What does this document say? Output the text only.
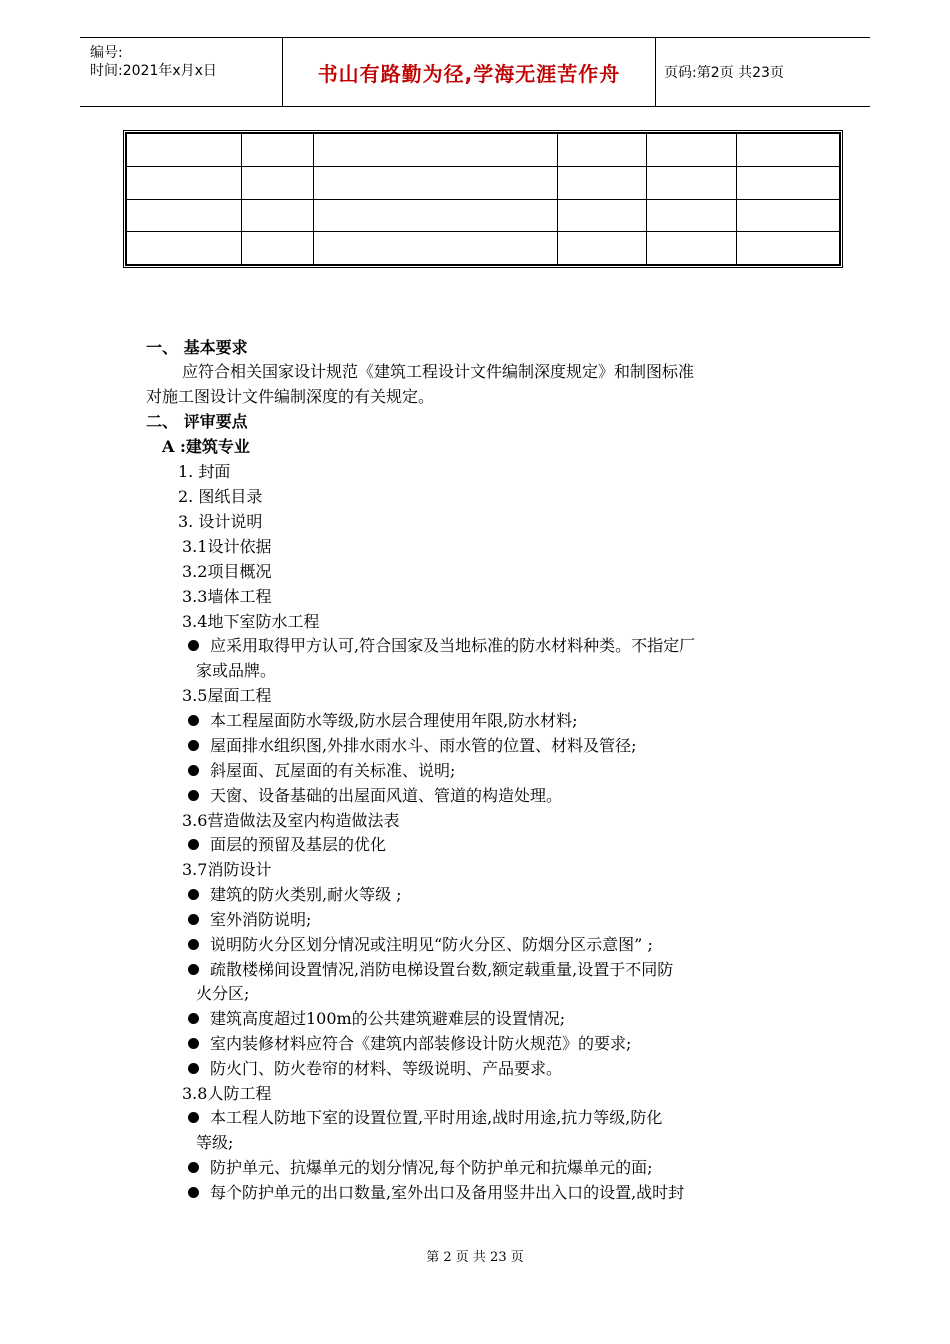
编号:
时间:2021年x月x日	书山有路勤为径,学海无涯苦作舟	页码:第2页 共23页

一、 基本要求
应符合相关国家设计规范《建筑工程设计文件编制深度规定》和制图标准
对施工图设计文件编制深度的有关规定。
二、 评审要点
A :建筑专业
1. 封面
2. 图纸目录
3. 设计说明
3.1设计依据
3.2项目概况
3.3墙体工程
3.4地下室防水工程
应采用取得甲方认可,符合国家及当地标准的防水材料种类。不指定厂
家或品牌。
3.5屋面工程
本工程屋面防水等级,防水层合理使用年限,防水材料;
屋面排水组织图,外排水雨水斗、雨水管的位置、材料及管径;
斜屋面、瓦屋面的有关标准、说明;
天窗、设备基础的出屋面风道、管道的构造处理。
3.6营造做法及室内构造做法表
面层的预留及基层的优化
3.7消防设计
建筑的防火类别,耐火等级 ;
室外消防说明;
说明防火分区划分情况或注明见“防火分区、防烟分区示意图” ;
疏散楼梯间设置情况,消防电梯设置台数,额定载重量,设置于不同防
火分区;
建筑高度超过100m的公共建筑避难层的设置情况;
室内装修材料应符合《建筑内部装修设计防火规范》的要求;
防火门、防火卷帘的材料、等级说明、产品要求。
3.8人防工程
本工程人防地下室的设置位置,平时用途,战时用途,抗力等级,防化
等级;
防护单元、抗爆单元的划分情况,每个防护单元和抗爆单元的面;
每个防护单元的出口数量,室外出口及备用竖井出入口的设置,战时封
第 2 页 共 23 页
